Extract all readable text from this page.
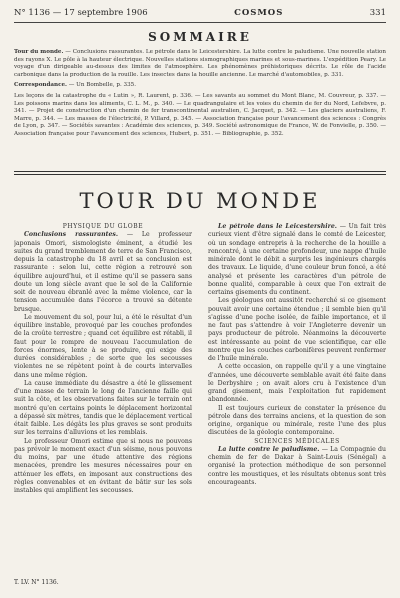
N° 1136 — 17 septembre 1906	COSMOS	331
SOMMAIRE

Tour du monde. — Conclusions rassurantes. Le pétrole dans le Leicestershire. La lutte contre le paludisme. Une nouvelle station des rayons X. Le pôle à la hauteur électrique. Nouvelles stations sismographiques marines et sous-marines. L'expédition Peary. Le voyage d'un dirigeable au-dessus des limites de l'atmosphère. Les phénomènes préhistoriques décrits. Le rôle de l'acide carbonique dans la production de la rouille. Les insectes dans la houille ancienne. Le marché d'automobiles, p. 331.

Correspondance. — Un Bombelle, p. 335.

Les leçons de la catastrophe du « Lutin », R. Laurent, p. 336. — Les savants au sommet du Mont Blanc, M. Couvreur, p. 337. — Les poissons marins dans les aliments, C. L. M., p. 340. — Le quadrangulaire et les voies du chemin de fer du Nord, Lefebvre, p. 341. — Projet de construction d'un chemin de fer transcontinental australien, C. Jacquet, p. 342. — Les glaciers australiens, F. Marre, p. 344. — Les masses de l'électricité, P. Villard, p. 345. — Association française pour l'avancement des sciences : Congrès de Lyon, p. 347. — Sociétés savantes : Académie des sciences, p. 349. Société astronomique de France, W. de Fonvielle, p. 350. — Association française pour l'avancement des sciences, Hubert, p. 351. — Bibliographie, p. 352.

TOUR DU MONDE

PHYSIQUE DU GLOBE

Conclusions rassurantes. — Le professeur japonais Omori, sismologiste éminent, a étudié les suites du grand tremblement de terre de San Francisco, depuis la catastrophe du 18 avril et sa conclusion est rassurante : selon lui, cette région a retrouvé son équilibre aujourd'hui, et il estime qu'il se passera sans doute un long siècle avant que le sol de la Californie soit de nouveau ébranlé avec la même violence, car la tension accumulée dans l'écorce a trouvé sa détente brusque.

Le mouvement du sol, pour lui, a été le résultat d'un équilibre instable, provoqué par les couches profondes de la croûte terrestre ; quand cet équilibre est rétabli, il faut pour le rompre de nouveau l'accumulation de forces énormes, lente à se produire, qui exige des durées considérables ; de sorte que les secousses violentes ne se répètent point à de courts intervalles dans une même région.

La cause immédiate du désastre a été le glissement d'une masse de terrain le long de l'ancienne faille qui suit la côte, et les observations faites sur le terrain ont montré qu'en certains points le déplacement horizontal a dépassé six mètres, tandis que le déplacement vertical était faible. Les dégâts les plus graves se sont produits sur les terrains d'alluvions et les remblais.

Le professeur Omori estime que si nous ne pouvons pas prévoir le moment exact d'un séisme, nous pouvons du moins, par une étude attentive des régions menacées, prendre les mesures nécessaires pour en atténuer les effets, en imposant aux constructions des règles convenables et en évitant de bâtir sur les sols instables qui amplifient les secousses.

Le pétrole dans le Leicestershire. — Un fait très curieux vient d'être signalé dans le comté de Leicester, où un sondage entrepris à la recherche de la houille a rencontré, à une certaine profondeur, une nappe d'huile minérale dont le débit a surpris les ingénieurs chargés des travaux. Le liquide, d'une couleur brun foncé, a été analysé et présente les caractères d'un pétrole de bonne qualité, comparable à ceux que l'on extrait de certains gisements du continent.

Les géologues ont aussitôt recherché si ce gisement pouvait avoir une certaine étendue ; il semble bien qu'il s'agisse d'une poche isolée, de faible importance, et il ne faut pas s'attendre à voir l'Angleterre devenir un pays producteur de pétrole. Néanmoins la découverte est intéressante au point de vue scientifique, car elle montre que les couches carbonifères peuvent renfermer de l'huile minérale.

A cette occasion, on rappelle qu'il y a une vingtaine d'années, une découverte semblable avait été faite dans le Derbyshire ; on avait alors cru à l'existence d'un grand gisement, mais l'exploitation fut rapidement abandonnée.

Il est toujours curieux de constater la présence du pétrole dans des terrains anciens, et la question de son origine, organique ou minérale, reste l'une des plus discutées de la géologie contemporaine.

SCIENCES MÉDICALES

La lutte contre le paludisme. — La Compagnie du chemin de fer de Dakar à Saint-Louis (Sénégal) a organisé la protection méthodique de son personnel contre les moustiques, et les résultats obtenus sont très encourageants.

T. LV. N° 1136.
